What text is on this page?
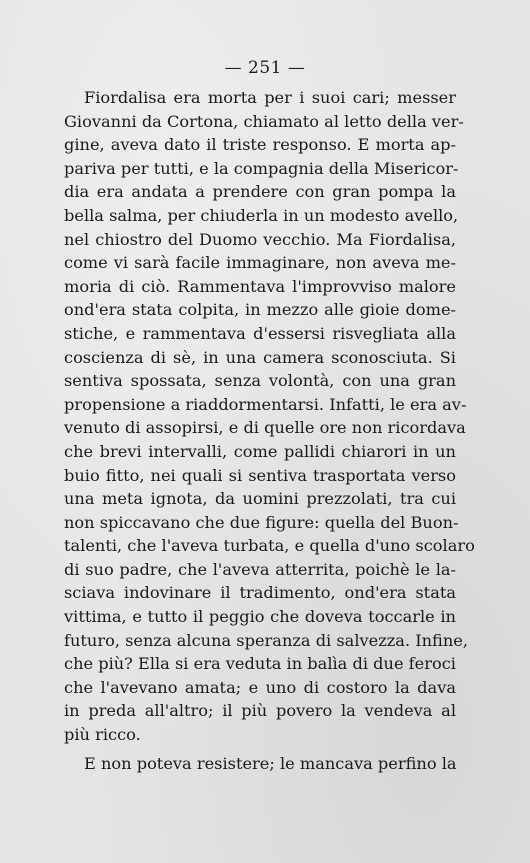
— 251 —
Fiordalisa era morta per i suoi cari; messer
Giovanni da Cortona, chiamato al letto della ver-
gine, aveva dato il triste responso. E morta ap-
pariva per tutti, e la compagnia della Misericor-
dia era andata a prendere con gran pompa la
bella salma, per chiuderla in un modesto avello,
nel chiostro del Duomo vecchio. Ma Fiordalisa,
come vi sarà facile immaginare, non aveva me-
moria di ciò. Rammentava l'improvviso malore
ond'era stata colpita, in mezzo alle gioie dome-
stiche, e rammentava d'essersi risvegliata alla
coscienza di sè, in una camera sconosciuta. Si
sentiva spossata, senza volontà, con una gran
propensione a riaddormentarsi. Infatti, le era av-
venuto di assopirsi, e di quelle ore non ricordava
che brevi intervalli, come pallidi chiarori in un
buio fitto, nei quali si sentiva trasportata verso
una meta ignota, da uomini prezzolati, tra cui
non spiccavano che due figure: quella del Buon-
talenti, che l'aveva turbata, e quella d'uno scolaro
di suo padre, che l'aveva atterrita, poichè le la-
sciava indovinare il tradimento, ond'era stata
vittima, e tutto il peggio che doveva toccarle in
futuro, senza alcuna speranza di salvezza. Infine,
che più? Ella si era veduta in balìa di due feroci
che l'avevano amata; e uno di costoro la dava
in preda all'altro; il più povero la vendeva al
più ricco.
E non poteva resistere; le mancava perfino la
